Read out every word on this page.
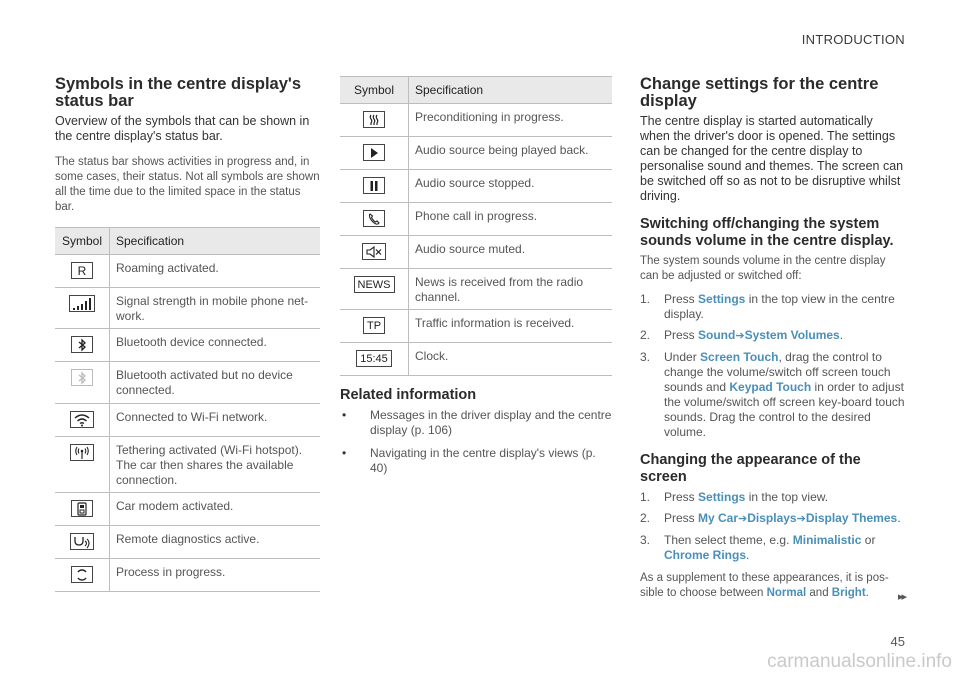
INTRODUCTION
Symbols in the centre display's status bar

Overview of the symbols that can be shown in the centre display's status bar.

The status bar shows activities in progress and, in some cases, their status. Not all symbols are shown all the time due to the limited space in the status bar.

Symbol	Specification
R	Roaming activated.

	Signal strength in mobile phone net-work.

	Bluetooth device connected.

	Bluetooth activated but no device connected.

	Connected to Wi-Fi network.

	Tethering activated (Wi-Fi hotspot). The car then shares the available connection.

	Car modem activated.

	Remote diagnostics active.

	Process in progress.
Symbol	Specification

	Preconditioning in progress.

	Audio source being played back.

	Audio source stopped.

	Phone call in progress.

	Audio source muted.
NEWS	News is received from the radio channel.
TP	Traffic information is received.
15:45	Clock.
Related information
• Messages in the driver display and the centre display (p. 106)
• Navigating in the centre display's views (p. 40)
Change settings for the centre display

The centre display is started automatically when the driver's door is opened. The settings can be changed for the centre display to personalise sound and themes. The screen can be switched off so as not to be disruptive whilst driving.

Switching off/changing the system sounds volume in the centre display.

The system sounds volume in the centre display can be adjusted or switched off:

1. Press Settings in the top view in the centre display.
2. Press Sound➔System Volumes.
3. Under Screen Touch, drag the control to change the volume/switch off screen touch sounds and Keypad Touch in order to adjust the volume/switch off screen key-board touch sounds. Drag the control to the desired volume.
Changing the appearance of the screen
1. Press Settings in the top view.
2. Press My Car➔Displays➔Display Themes.
3. Then select theme, e.g. Minimalistic or Chrome Rings.

As a supplement to these appearances, it is pos-sible to choose between Normal and Bright.	▸▸
45
carmanualsonline.info
